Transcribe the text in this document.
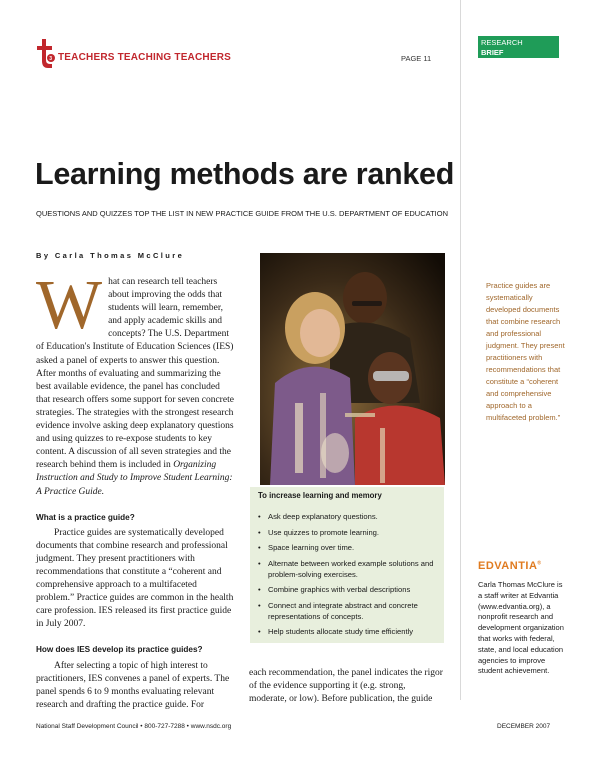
3 TEACHERS TEACHING TEACHERS	PAGE 11
RESEARCH
BRIEF
Learning methods are ranked
QUESTIONS AND QUIZZES TOP THE LIST IN NEW PRACTICE GUIDE FROM THE U.S. DEPARTMENT OF EDUCATION
By Carla Thomas McClure

What can research tell teachers about improving the odds that students will learn, remember, and apply academic skills and concepts? The U.S. Department of Education's Institute of Education Sciences (IES) asked a panel of experts to answer this question. After months of evaluating and summarizing the best available evidence, the panel has concluded that research offers some support for seven concrete strategies. The strategies with the strongest research evidence involve asking deep explanatory questions and using quizzes to re-expose students to key content. A discussion of all seven strategies and the research behind them is included in Organizing Instruction and Study to Improve Student Learning: A Practice Guide.

What is a practice guide?

Practice guides are systematically developed documents that combine research and professional judgment. They present practitioners with recommendations that constitute a “coherent and comprehensive approach to a multifaceted problem.” Practice guides are common in the health care profession. IES released its first practice guide in July 2007.

How does IES develop its practice guides?

After selecting a topic of high interest to practitioners, IES convenes a panel of experts. The panel spends 6 to 9 months evaluating relevant research and drafting the practice guide. For

To increase learning and memory
• Ask deep explanatory questions.
• Use quizzes to promote learning.
• Space learning over time.
• Alternate between worked example solutions and problem-solving exercises.
• Combine graphics with verbal descriptions
• Connect and integrate abstract and concrete representations of concepts.
• Help students allocate study time efficiently
each recommendation, the panel indicates the rigor of the evidence supporting it (e.g. strong, moderate, or low). Before publication, the guide
Practice guides are systematically developed documents that combine research and professional judgment. They present practitioners with recommendations that constitute a “coherent and comprehensive approach to a multifaceted problem.”
EDVANTIA®
Carla Thomas McClure is a staff writer at Edvantia (www.edvantia.org), a nonprofit research and development organization that works with federal, state, and local education agencies to improve student achievement.
National Staff Development Council • 800-727-7288 • www.nsdc.org	DECEMBER 2007
